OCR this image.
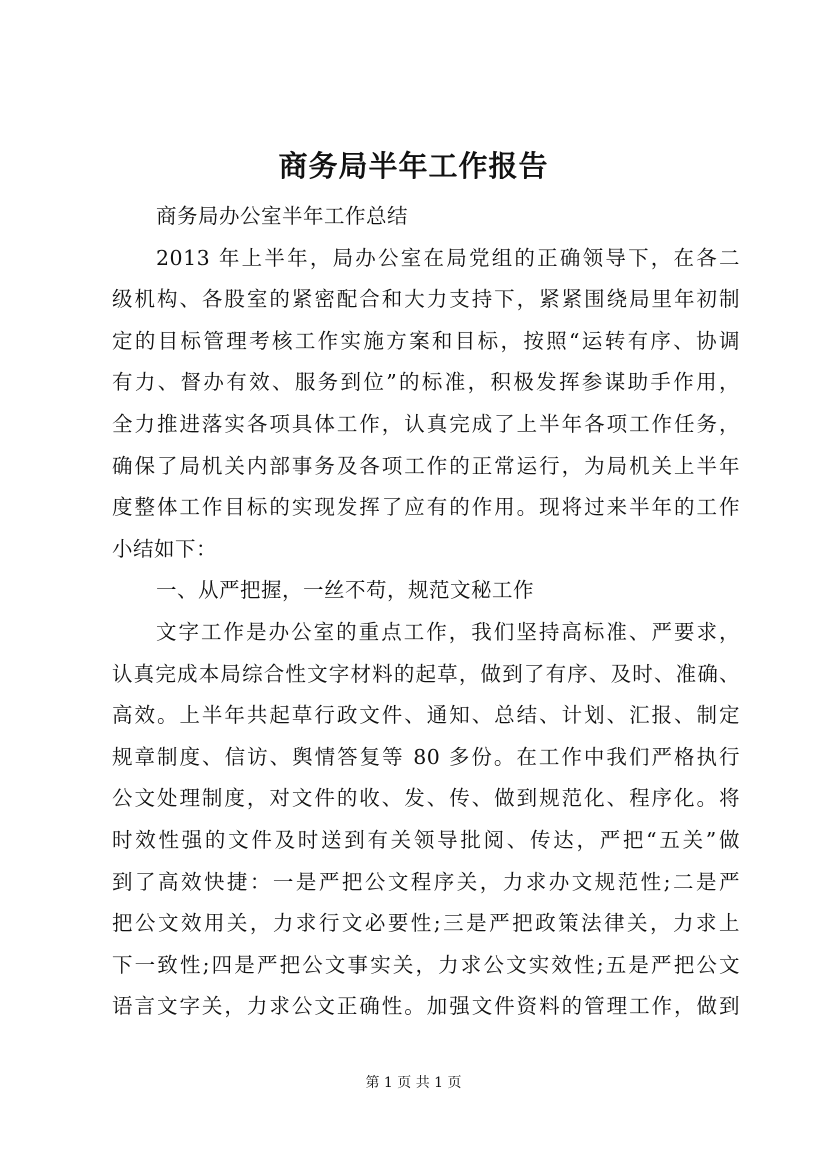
商务局半年工作报告
商务局办公室半年工作总结
2013 年上半年，局办公室在局党组的正确领导下，在各二
级机构、各股室的紧密配合和大力支持下，紧紧围绕局里年初制
定的目标管理考核工作实施方案和目标，按照“运转有序、协调
有力、督办有效、服务到位”的标准，积极发挥参谋助手作用，
全力推进落实各项具体工作，认真完成了上半年各项工作任务，
确保了局机关内部事务及各项工作的正常运行，为局机关上半年
度整体工作目标的实现发挥了应有的作用。现将过来半年的工作
小结如下：
一、从严把握，一丝不苟，规范文秘工作
文字工作是办公室的重点工作，我们坚持高标准、严要求，
认真完成本局综合性文字材料的起草，做到了有序、及时、准确、
高效。上半年共起草行政文件、通知、总结、计划、汇报、制定
规章制度、信访、舆情答复等 80 多份。在工作中我们严格执行
公文处理制度，对文件的收、发、传、做到规范化、程序化。将
时效性强的文件及时送到有关领导批阅、传达，严把“五关”做
到了高效快捷：一是严把公文程序关，力求办文规范性;二是严
把公文效用关，力求行文必要性;三是严把政策法律关，力求上
下一致性;四是严把公文事实关，力求公文实效性;五是严把公文
语言文字关，力求公文正确性。加强文件资料的管理工作，做到
第 1 页 共 1 页
